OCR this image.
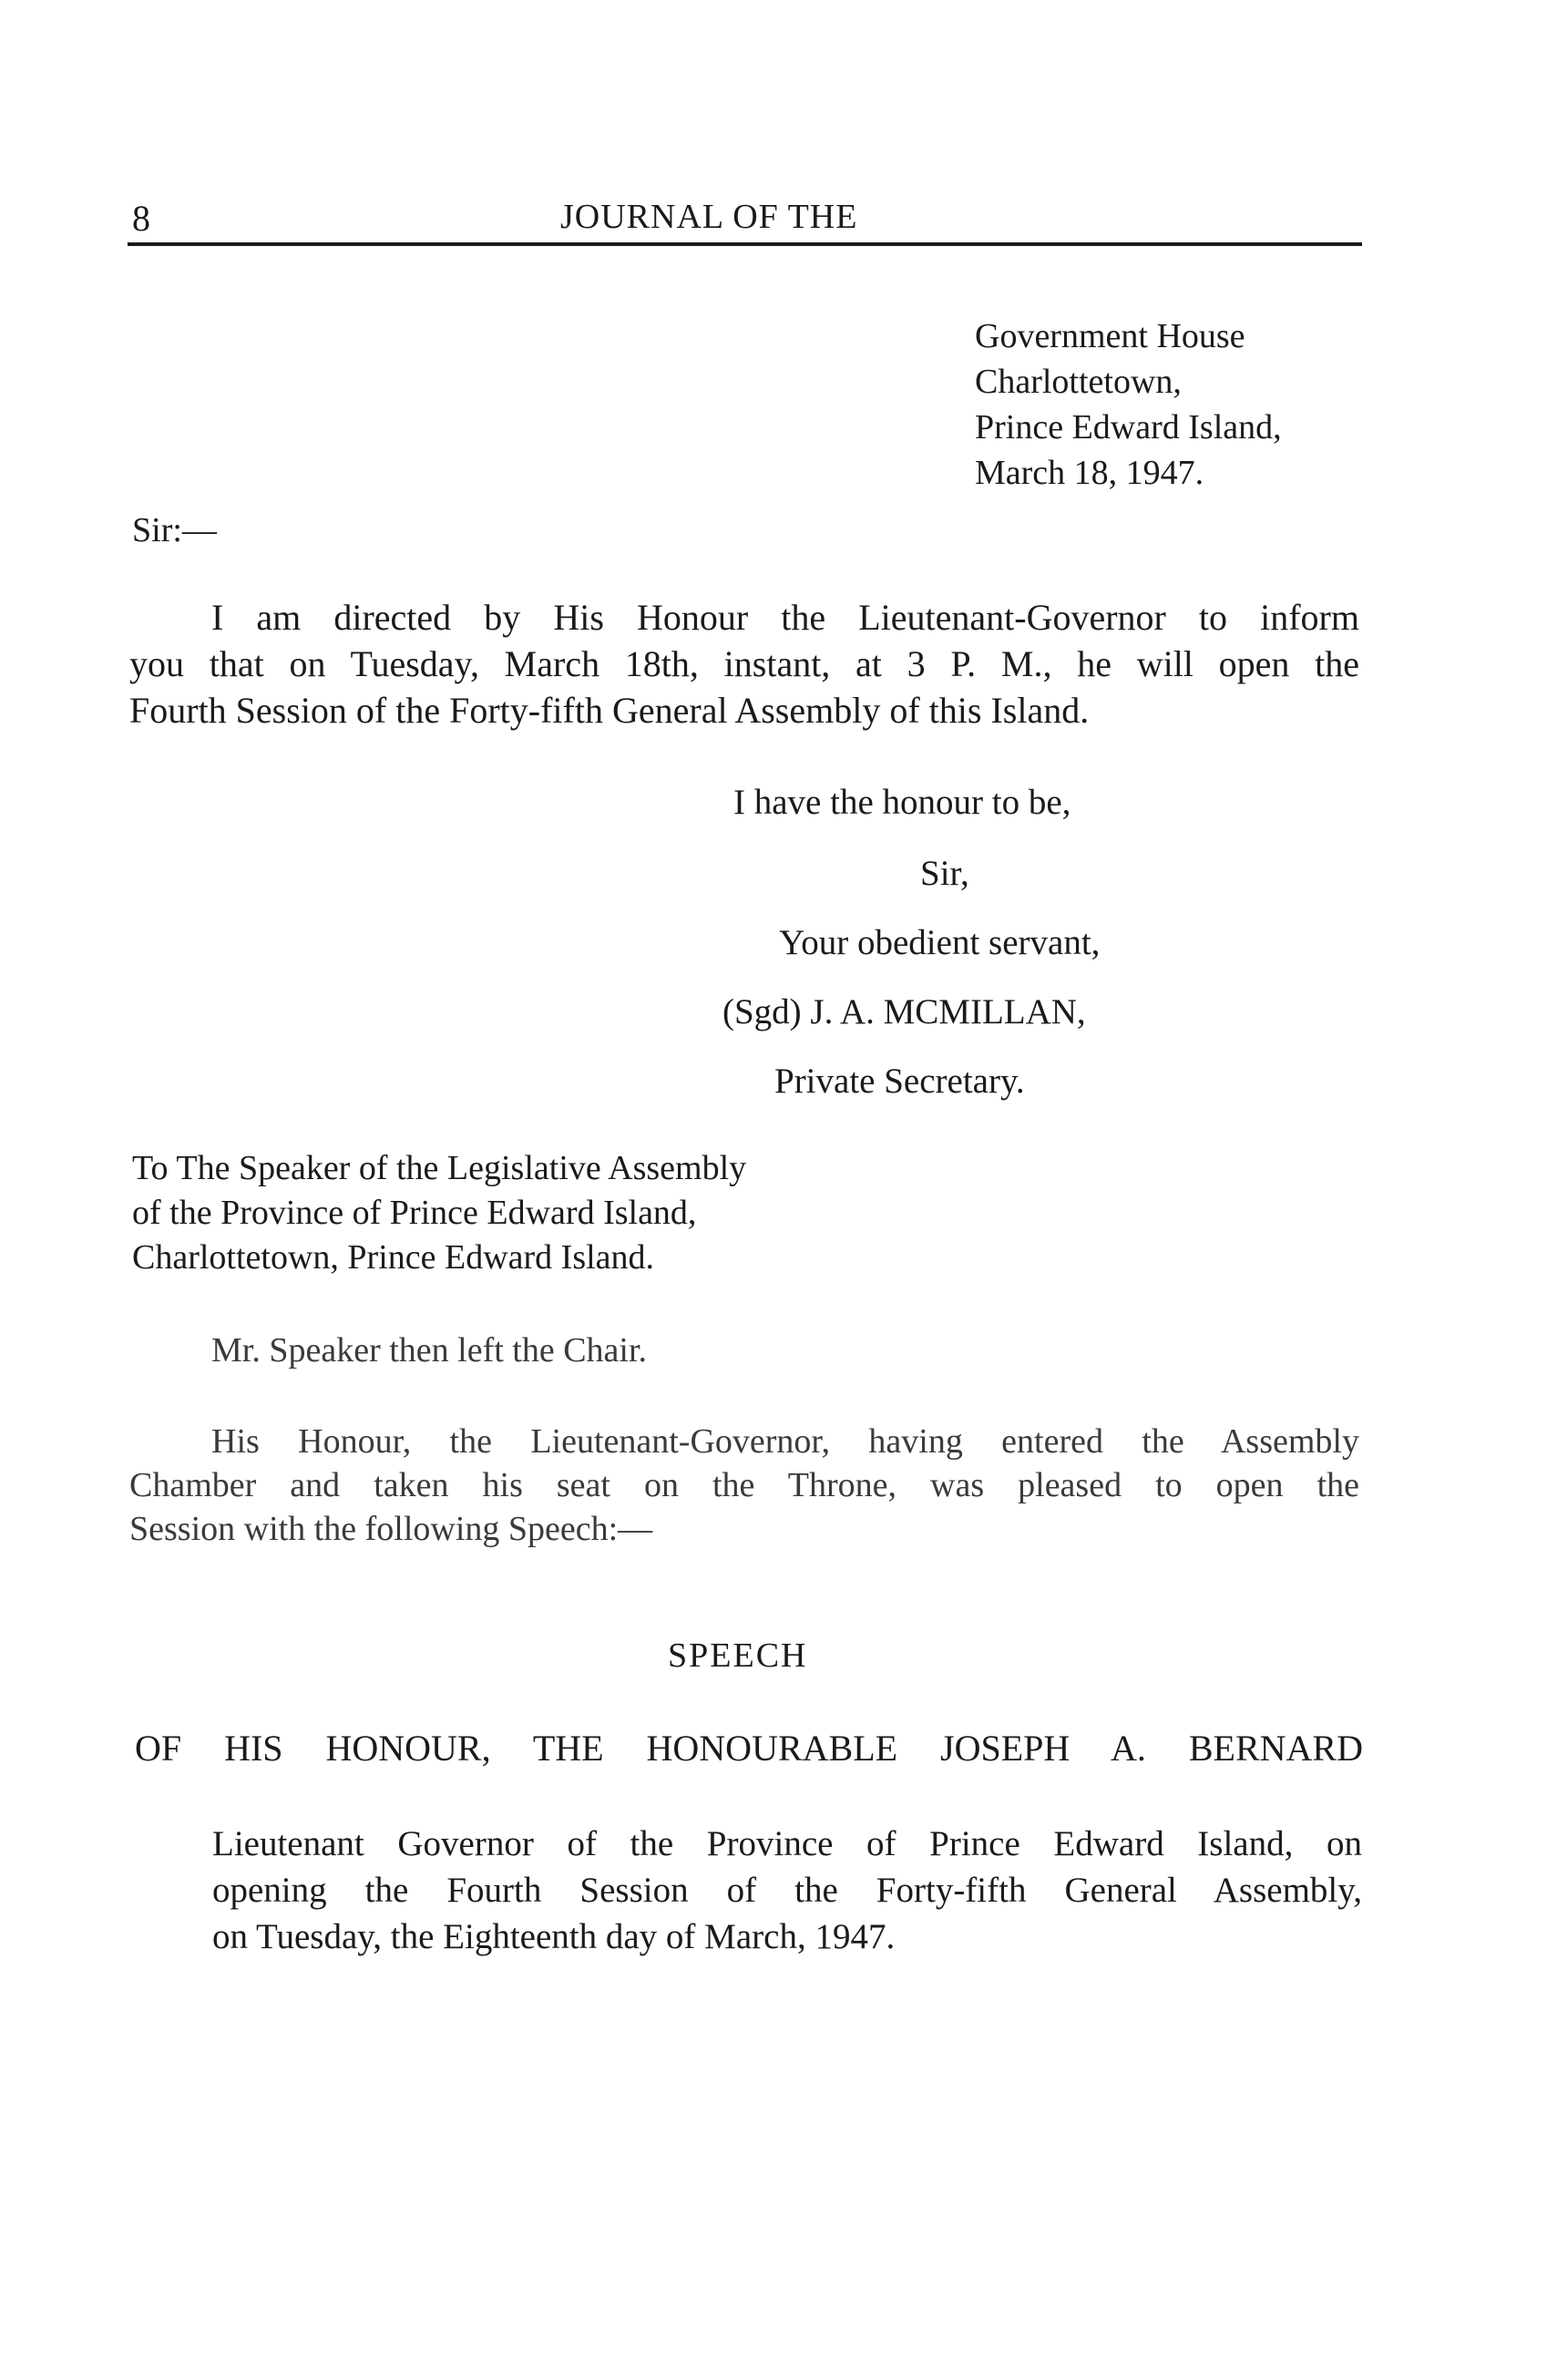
8	JOURNAL OF THE
Government House
Charlottetown,
Prince Edward Island,
March 18, 1947.
Sir:—
I am directed by His Honour the Lieutenant-Governor to inform
you that on Tuesday, March 18th, instant, at 3 P. M., he will open the
Fourth Session of the Forty-fifth General Assembly of this Island.
I have the honour to be,
Sir,
Your obedient servant,
(Sgd) J. A. MCMILLAN,
Private Secretary.
To The Speaker of the Legislative Assembly
of the Province of Prince Edward Island,
Charlottetown, Prince Edward Island.
Mr. Speaker then left the Chair.
His Honour, the Lieutenant-Governor, having entered the Assembly
Chamber and taken his seat on the Throne, was pleased to open the
Session with the following Speech:—
SPEECH
OF HIS HONOUR, THE HONOURABLE JOSEPH A. BERNARD
Lieutenant Governor of the Province of Prince Edward Island, on
opening the Fourth Session of the Forty-fifth General Assembly,
on Tuesday, the Eighteenth day of March, 1947.
